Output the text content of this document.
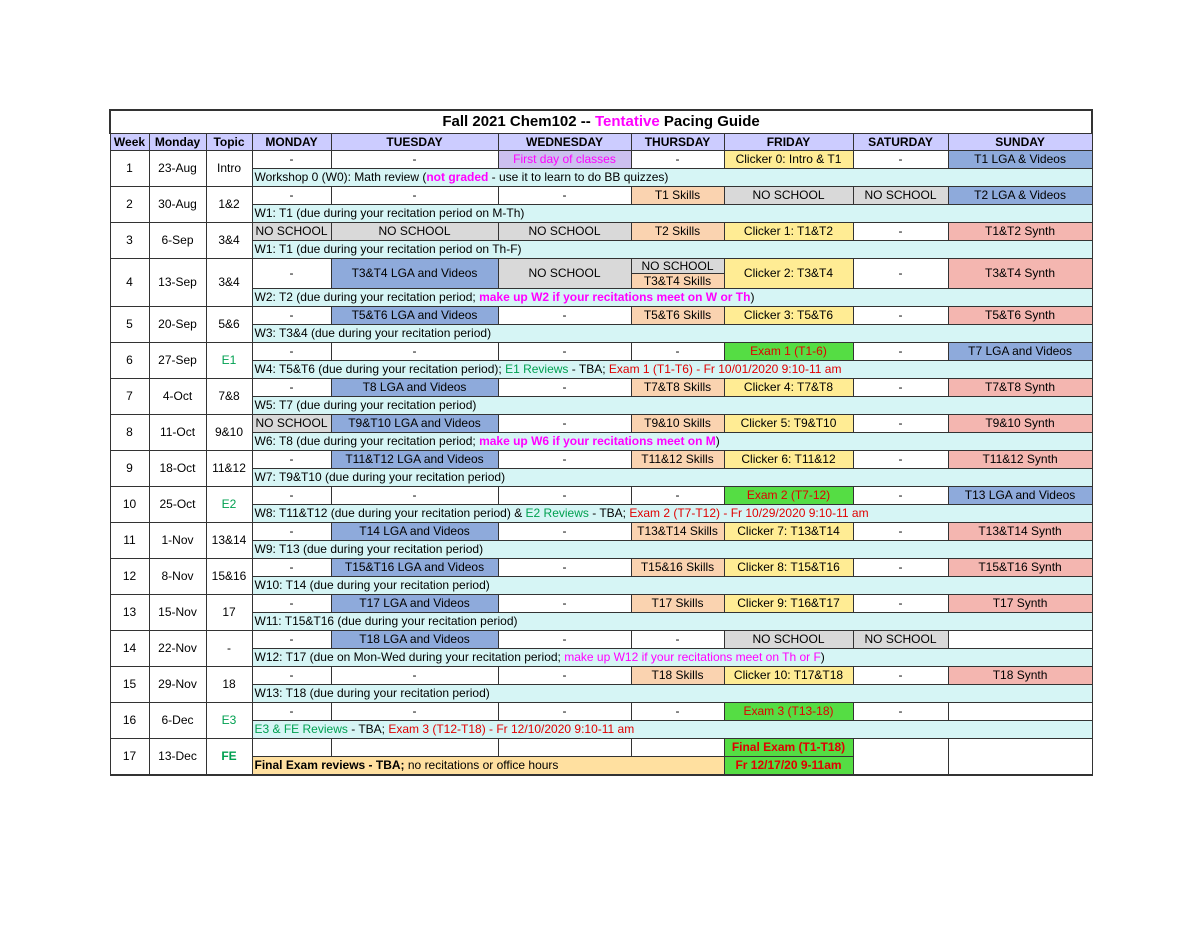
Fall 2021 Chem102 -- Tentative Pacing Guide									
Week	Monday	Topic	MONDAY	TUESDAY	WEDNESDAY	THURSDAY	FRIDAY	SATURDAY	SUNDAY
1	23-Aug	Intro	-	-	First day of classes	-	Clicker 0: Intro & T1	-	T1 LGA & Videos
			Workshop 0 (W0): Math review (not graded - use it to learn to do BB quizzes)						
2	30-Aug	1&2	-	-	-	T1 Skills	NO SCHOOL	NO SCHOOL	T2 LGA & Videos
			W1: T1 (due during your recitation period on M-Th)						
3	6-Sep	3&4	NO SCHOOL	NO SCHOOL	NO SCHOOL	T2 Skills	Clicker 1: T1&T2	-	T1&T2 Synth
			W1: T1 (due during your recitation period on Th-F)						
4	13-Sep	3&4	-	T3&T4 LGA and Videos	NO SCHOOL	NO SCHOOL	Clicker 2: T3&T4	-	T3&T4 Synth
						T3&T4 Skills			
			W2: T2 (due during your recitation period; make up W2 if your recitations meet on W or Th)						
5	20-Sep	5&6	-	T5&T6 LGA and Videos	-	T5&T6 Skills	Clicker 3: T5&T6	-	T5&T6 Synth
			W3: T3&4 (due during your recitation period)						
6	27-Sep	E1	-	-	-	-	Exam 1 (T1-6)	-	T7 LGA and Videos
			W4: T5&T6 (due during your recitation period); E1 Reviews - TBA; Exam 1 (T1-T6) - Fr 10/01/2020 9:10-11 am						
7	4-Oct	7&8	-	T8 LGA and Videos	-	T7&T8 Skills	Clicker 4: T7&T8	-	T7&T8 Synth
			W5: T7 (due during your recitation period)						
8	11-Oct	9&10	NO SCHOOL	T9&T10 LGA and Videos	-	T9&10 Skills	Clicker 5: T9&T10	-	T9&10 Synth
			W6: T8 (due during your recitation period; make up W6 if your recitations meet on M)						
9	18-Oct	11&12	-	T11&T12 LGA and Videos	-	T11&12 Skills	Clicker 6: T11&12	-	T11&12 Synth
			W7: T9&T10 (due during your recitation period)						
10	25-Oct	E2	-	-	-	-	Exam 2 (T7-12)	-	T13 LGA and Videos
			W8: T11&T12 (due during your recitation period) & E2 Reviews - TBA; Exam 2 (T7-T12) - Fr 10/29/2020 9:10-11 am						
11	1-Nov	13&14	-	T14 LGA and Videos	-	T13&T14 Skills	Clicker 7: T13&T14	-	T13&T14 Synth
			W9: T13 (due during your recitation period)						
12	8-Nov	15&16	-	T15&T16 LGA and Videos	-	T15&16 Skills	Clicker 8: T15&T16	-	T15&T16 Synth
			W10: T14 (due during your recitation period)						
13	15-Nov	17	-	T17 LGA and Videos	-	T17 Skills	Clicker 9: T16&T17	-	T17 Synth
			W11: T15&T16 (due during your recitation period)						
14	22-Nov	-	-	T18 LGA and Videos	-	-	NO SCHOOL	NO SCHOOL	
			W12: T17 (due on Mon-Wed during your recitation period; make up W12 if your recitations meet on Th or F)						
15	29-Nov	18	-	-	-	T18 Skills	Clicker 10: T17&T18	-	T18 Synth
			W13: T18 (due during your recitation period)						
16	6-Dec	E3	-	-	-	-	Exam 3 (T13-18)	-	
			E3 & FE Reviews - TBA; Exam 3 (T12-T18) - Fr 12/10/2020 9:10-11 am						
17	13-Dec	FE					Final Exam (T1-T18)		
			Final Exam reviews - TBA; no recitations or office hours				Fr 12/17/20 9-11am		
